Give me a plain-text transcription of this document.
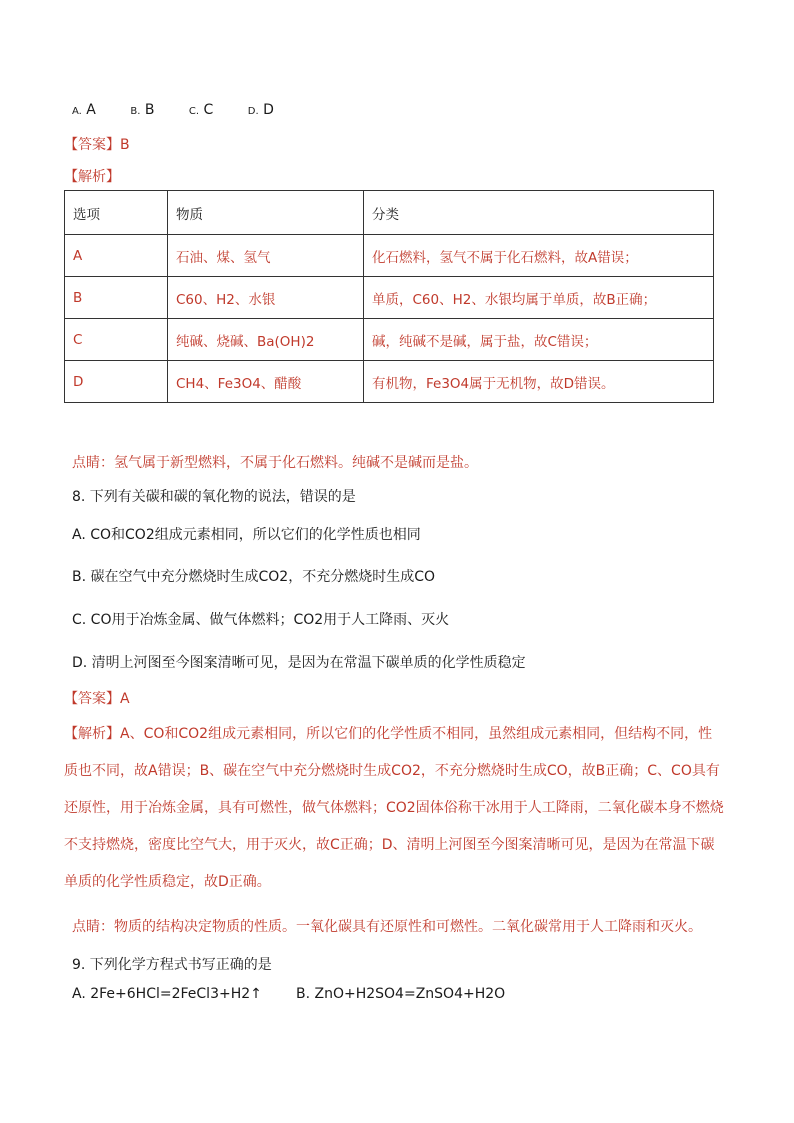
A. A	B. B	C. C	D. D
【答案】B
【解析】
选项	物质	分类
A	石油、煤、氢气	化石燃料，氢气不属于化石燃料，故A错误；
B	C60、H2、水银	单质，C60、H2、水银均属于单质，故B正确；
C	纯碱、烧碱、Ba(OH)2	碱，纯碱不是碱，属于盐，故C错误；
D	CH4、Fe3O4、醋酸	有机物，Fe3O4属于无机物，故D错误。
点睛：氢气属于新型燃料，不属于化石燃料。纯碱不是碱而是盐。
8. 下列有关碳和碳的氧化物的说法，错误的是
A. CO和CO2组成元素相同，所以它们的化学性质也相同
B. 碳在空气中充分燃烧时生成CO2，不充分燃烧时生成CO
C. CO用于冶炼金属、做气体燃料；CO2用于人工降雨、灭火
D. 清明上河图至今图案清晰可见，是因为在常温下碳单质的化学性质稳定
【答案】A
【解析】A、CO和CO2组成元素相同，所以它们的化学性质不相同，虽然组成元素相同，但结构不同，性质也不同，故A错误；B、碳在空气中充分燃烧时生成CO2，不充分燃烧时生成CO，故B正确；C、CO具有还原性，用于冶炼金属，具有可燃性，做气体燃料；CO2固体俗称干冰用于人工降雨，二氧化碳本身不燃烧不支持燃烧，密度比空气大，用于灭火，故C正确；D、清明上河图至今图案清晰可见，是因为在常温下碳单质的化学性质稳定，故D正确。
点睛：物质的结构决定物质的性质。一氧化碳具有还原性和可燃性。二氧化碳常用于人工降雨和灭火。
9. 下列化学方程式书写正确的是
A. 2Fe+6HCl=2FeCl3+H2↑ B. ZnO+H2SO4=ZnSO4+H2O
